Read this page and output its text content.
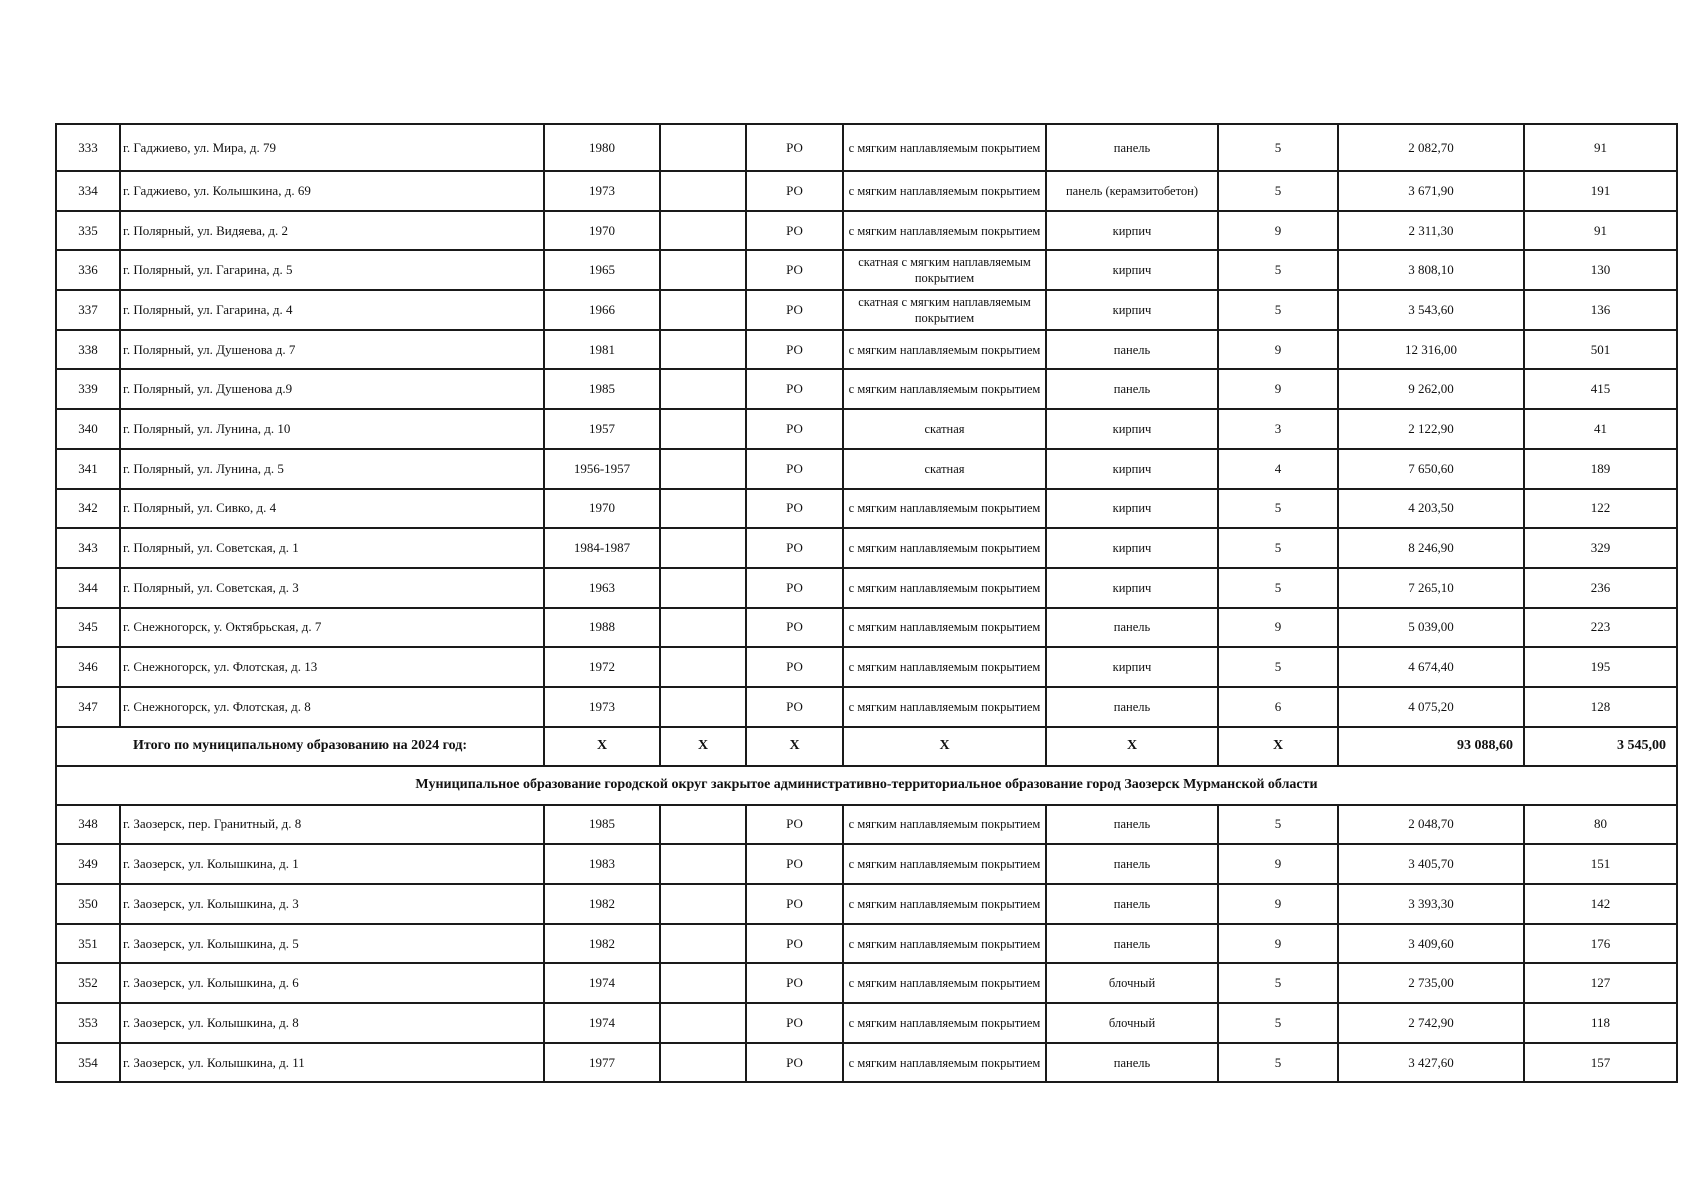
333	г. Гаджиево, ул. Мира, д. 79	1980		РО	с мягким наплавляемым покрытием	панель	5	2 082,70	91
334	г. Гаджиево, ул. Колышкина, д. 69	1973		РО	с мягким наплавляемым покрытием	панель (керамзитобетон)	5	3 671,90	191
335	г. Полярный, ул. Видяева, д. 2	1970		РО	с мягким наплавляемым покрытием	кирпич	9	2 311,30	91
336	г. Полярный, ул. Гагарина, д. 5	1965		РО	скатная с мягким наплавляемым покрытием	кирпич	5	3 808,10	130
337	г. Полярный, ул. Гагарина, д. 4	1966		РО	скатная с мягким наплавляемым покрытием	кирпич	5	3 543,60	136
338	г. Полярный, ул. Душенова д. 7	1981		РО	с мягким наплавляемым покрытием	панель	9	12 316,00	501
339	г. Полярный, ул. Душенова д.9	1985		РО	с мягким наплавляемым покрытием	панель	9	9 262,00	415
340	г. Полярный, ул. Лунина, д. 10	1957		РО	скатная	кирпич	3	2 122,90	41
341	г. Полярный, ул. Лунина, д. 5	1956-1957		РО	скатная	кирпич	4	7 650,60	189
342	г. Полярный, ул. Сивко, д. 4	1970		РО	с мягким наплавляемым покрытием	кирпич	5	4 203,50	122
343	г. Полярный, ул. Советская, д. 1	1984-1987		РО	с мягким наплавляемым покрытием	кирпич	5	8 246,90	329
344	г. Полярный, ул. Советская, д. 3	1963		РО	с мягким наплавляемым покрытием	кирпич	5	7 265,10	236
345	г. Снежногорск, у. Октябрьская, д. 7	1988		РО	с мягким наплавляемым покрытием	панель	9	5 039,00	223
346	г. Снежногорск, ул. Флотская, д. 13	1972		РО	с мягким наплавляемым покрытием	кирпич	5	4 674,40	195
347	г. Снежногорск, ул. Флотская, д. 8	1973		РО	с мягким наплавляемым покрытием	панель	6	4 075,20	128
Итого по муниципальному образованию на 2024 год:		X	X	X	X	X	X	93 088,60	3 545,00
Муниципальное образование городской округ закрытое административно-территориальное образование город Заозерск Мурманской области									
348	г. Заозерск, пер. Гранитный, д. 8	1985		РО	с мягким наплавляемым покрытием	панель	5	2 048,70	80
349	г. Заозерск, ул. Колышкина, д. 1	1983		РО	с мягким наплавляемым покрытием	панель	9	3 405,70	151
350	г. Заозерск, ул. Колышкина, д. 3	1982		РО	с мягким наплавляемым покрытием	панель	9	3 393,30	142
351	г. Заозерск, ул. Колышкина, д. 5	1982		РО	с мягким наплавляемым покрытием	панель	9	3 409,60	176
352	г. Заозерск, ул. Колышкина, д. 6	1974		РО	с мягким наплавляемым покрытием	блочный	5	2 735,00	127
353	г. Заозерск, ул. Колышкина, д. 8	1974		РО	с мягким наплавляемым покрытием	блочный	5	2 742,90	118
354	г. Заозерск, ул. Колышкина, д. 11	1977		РО	с мягким наплавляемым покрытием	панель	5	3 427,60	157
